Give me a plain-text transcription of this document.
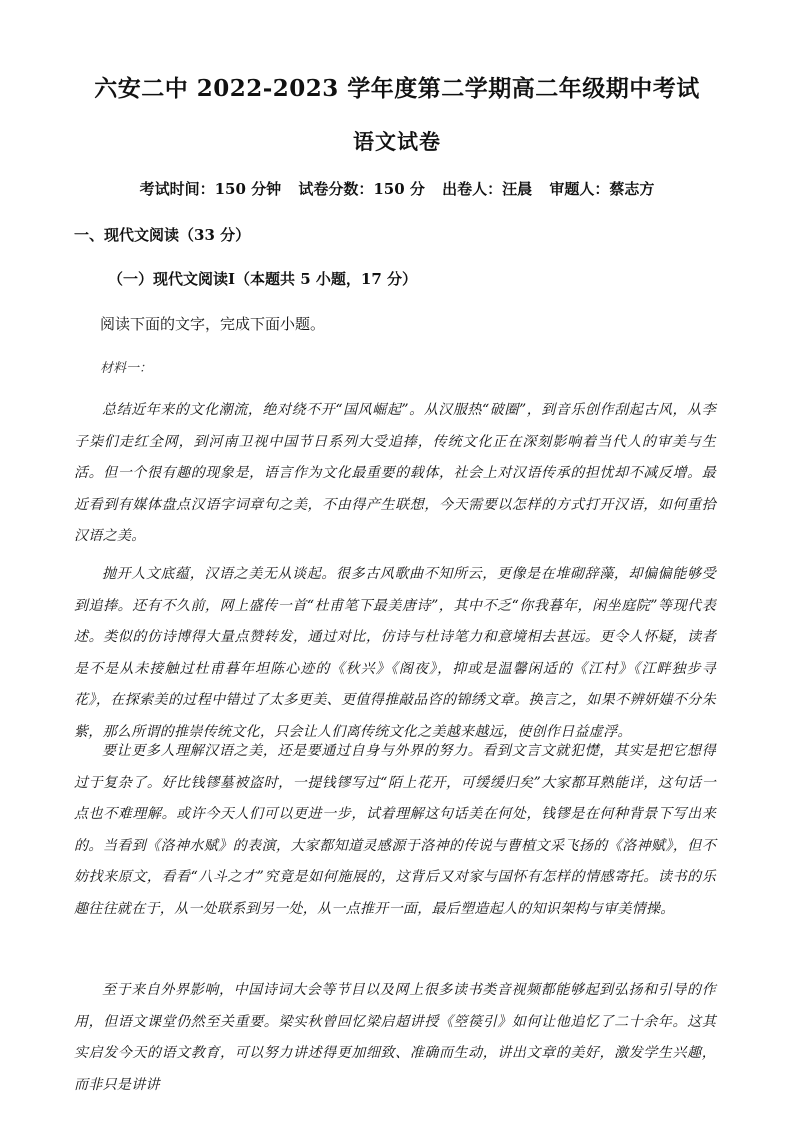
六安二中 2022-2023 学年度第二学期高二年级期中考试
语文试卷
考试时间：150 分钟 试卷分数：150 分 出卷人：汪晨 审题人：蔡志方
一、现代文阅读（33 分）
（一）现代文阅读Ⅰ（本题共 5 小题，17 分）
阅读下面的文字，完成下面小题。
材料一：

总结近年来的文化潮流，绝对绕不开“国风崛起”。从汉服热“破圈”，到音乐创作刮起古风，从李子柒们走红全网，到河南卫视中国节日系列大受追捧，传统文化正在深刻影响着当代人的审美与生活。但一个很有趣的现象是，语言作为文化最重要的载体，社会上对汉语传承的担忧却不减反增。最近看到有媒体盘点汉语字词章句之美，不由得产生联想，今天需要以怎样的方式打开汉语，如何重拾汉语之美。

抛开人文底蕴，汉语之美无从谈起。很多古风歌曲不知所云，更像是在堆砌辞藻，却偏偏能够受到追捧。还有不久前，网上盛传一首“杜甫笔下最美唐诗”，其中不乏“你我暮年，闲坐庭院”等现代表述。类似的仿诗博得大量点赞转发，通过对比，仿诗与杜诗笔力和意境相去甚远。更令人怀疑，读者是不是从未接触过杜甫暮年坦陈心迹的《秋兴》《阁夜》，抑或是温馨闲适的《江村》《江畔独步寻花》，在探索美的过程中错过了太多更美、更值得推敲品咨的锦绣文章。换言之，如果不辨妍媸不分朱紫，那么所谓的推崇传统文化，只会让人们离传统文化之美越来越远，使创作日益虚浮。

要让更多人理解汉语之美，还是要通过自身与外界的努力。看到文言文就犯憷，其实是把它想得过于复杂了。好比钱镠墓被盗时，一提钱镠写过“陌上花开，可缓缓归矣”大家都耳熟能详，这句话一点也不难理解。或许今天人们可以更进一步，试着理解这句话美在何处，钱镠是在何种背景下写出来的。当看到《洛神水赋》的表演，大家都知道灵感源于洛神的传说与曹植文采飞扬的《洛神赋》，但不妨找来原文，看看“八斗之才”究竟是如何施展的，这背后又对家与国怀有怎样的情感寄托。读书的乐趣往往就在于，从一处联系到另一处，从一点推开一面，最后塑造起人的知识架构与审美情操。

至于来自外界影响，中国诗词大会等节目以及网上很多读书类音视频都能够起到弘扬和引导的作用，但语文课堂仍然至关重要。梁实秋曾回忆梁启超讲授《箜篌引》如何让他追忆了二十余年。这其实启发今天的语文教育，可以努力讲述得更加细致、准确而生动，讲出文章的美好，激发学生兴趣，而非只是讲讲
